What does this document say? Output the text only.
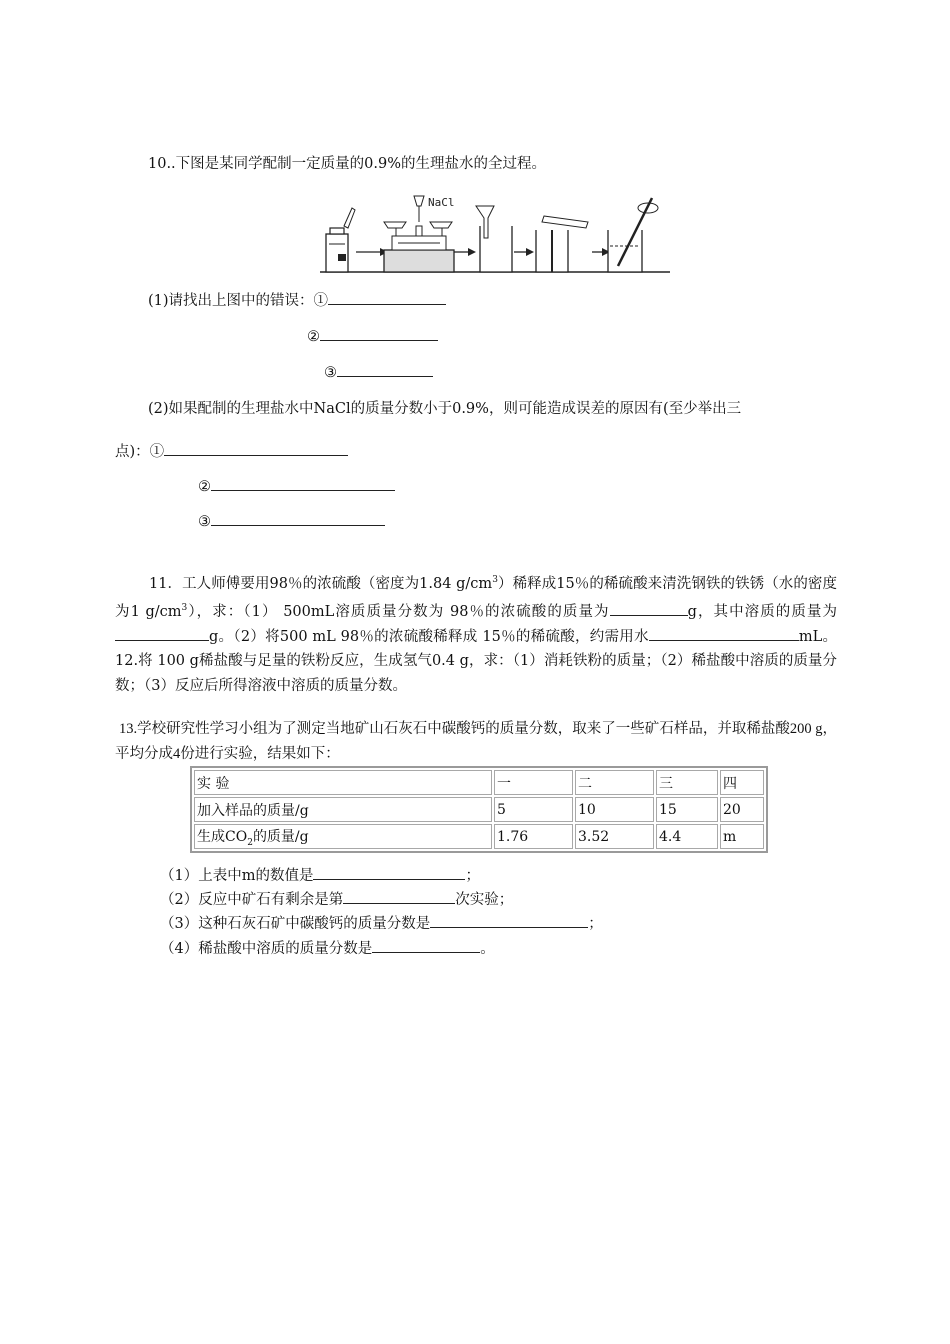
10..下图是某同学配制一定质量的0.9%的生理盐水的全过程。
NaCl
(1)请找出上图中的错误：①
②
③
(2)如果配制的生理盐水中NaCl的质量分数小于0.9%，则可能造成误差的原因有(至少举出三
点)：①
②
③
11．工人师傅要用98％的浓硫酸（密度为1.84 $g/cm^3$）稀释成15％的稀硫酸来清洗钢铁的铁锈（水的密度为1 $g/cm^3$），求：（1） 500mL溶质质量分数为 98％的浓硫酸的质量为	g，其中溶质的质量为g。（2）将500 mL 98％的浓硫酸稀释成 15％的稀硫酸，约需用水	mL。12.将 100 g稀盐酸与足量的铁粉反应，生成氢气0.4 g，求：（1）消耗铁粉的质量；（2）稀盐酸中溶质的质量分数；（3）反应后所得溶液中溶质的质量分数。
13.学校研究性学习小组为了测定当地矿山石灰石中碳酸钙的质量分数，取来了一些矿石样品，并取稀盐酸200 g，平均分成4份进行实验，结果如下：
实 验	一	二	三	四
加入样品的质量/g	5	10	15	20
生成$CO_2$的质量/g	1.76	3.52	4.4	m
（1）上表中m的数值是	；
（2）反应中矿石有剩余是第	次实验；
（3）这种石灰石矿中碳酸钙的质量分数是	；
（4）稀盐酸中溶质的质量分数是	。
